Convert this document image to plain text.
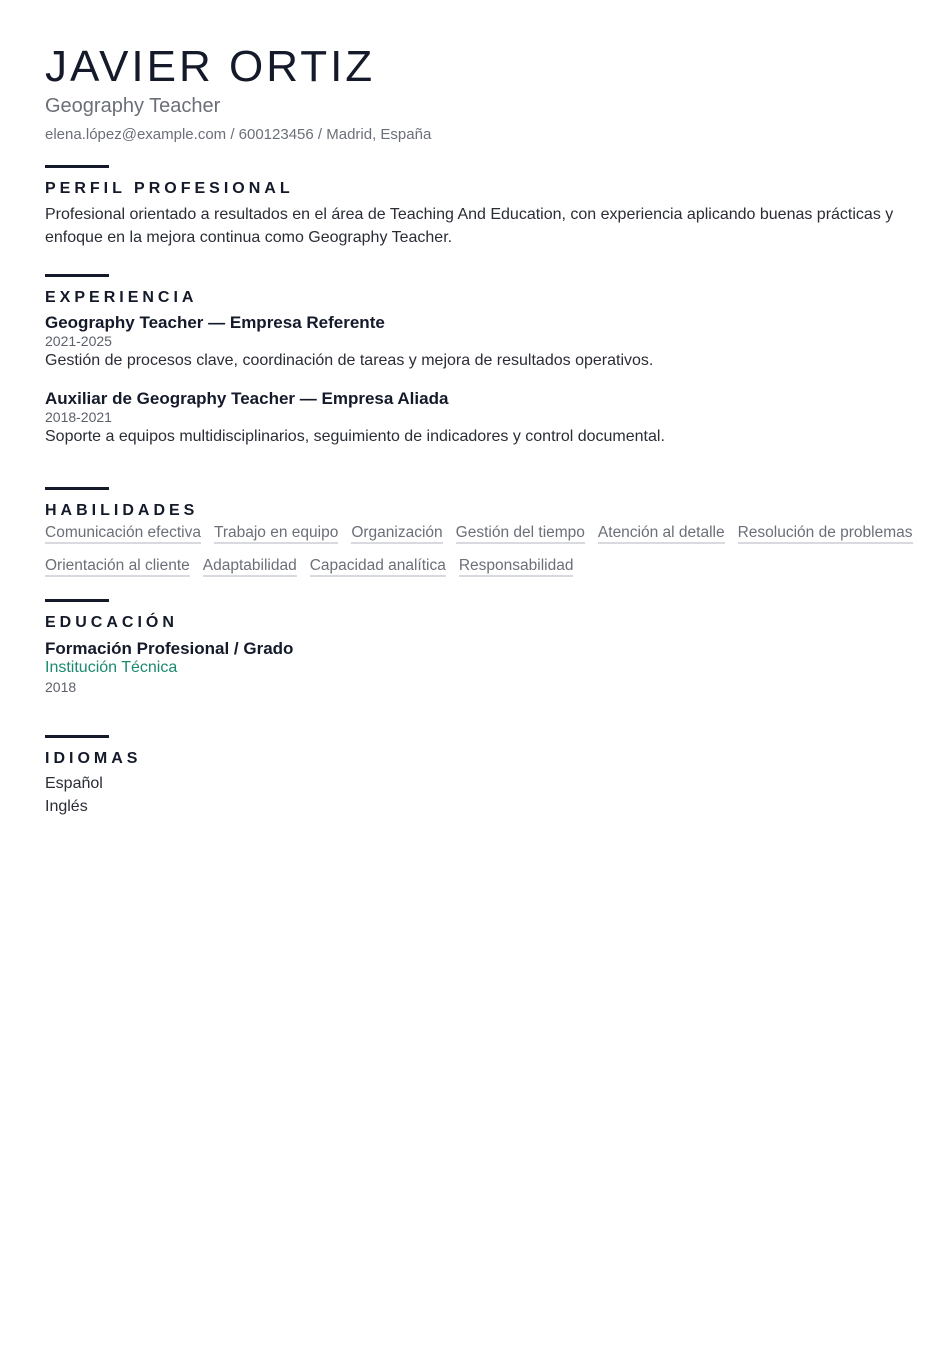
JAVIER ORTIZ
Geography Teacher
elena.lópez@example.com / 600123456 / Madrid, España
PERFIL PROFESIONAL
Profesional orientado a resultados en el área de Teaching And Education, con experiencia aplicando buenas prácticas y enfoque en la mejora continua como Geography Teacher.
EXPERIENCIA
Geography Teacher — Empresa Referente
2021-2025
Gestión de procesos clave, coordinación de tareas y mejora de resultados operativos.
Auxiliar de Geography Teacher — Empresa Aliada
2018-2021
Soporte a equipos multidisciplinarios, seguimiento de indicadores y control documental.
HABILIDADES
Comunicación efectiva Trabajo en equipo Organización Gestión del tiempo Atención al detalle Resolución de problemas
Orientación al cliente Adaptabilidad Capacidad analítica Responsabilidad
EDUCACIÓN
Formación Profesional / Grado
Institución Técnica
2018
IDIOMAS
Español
Inglés
